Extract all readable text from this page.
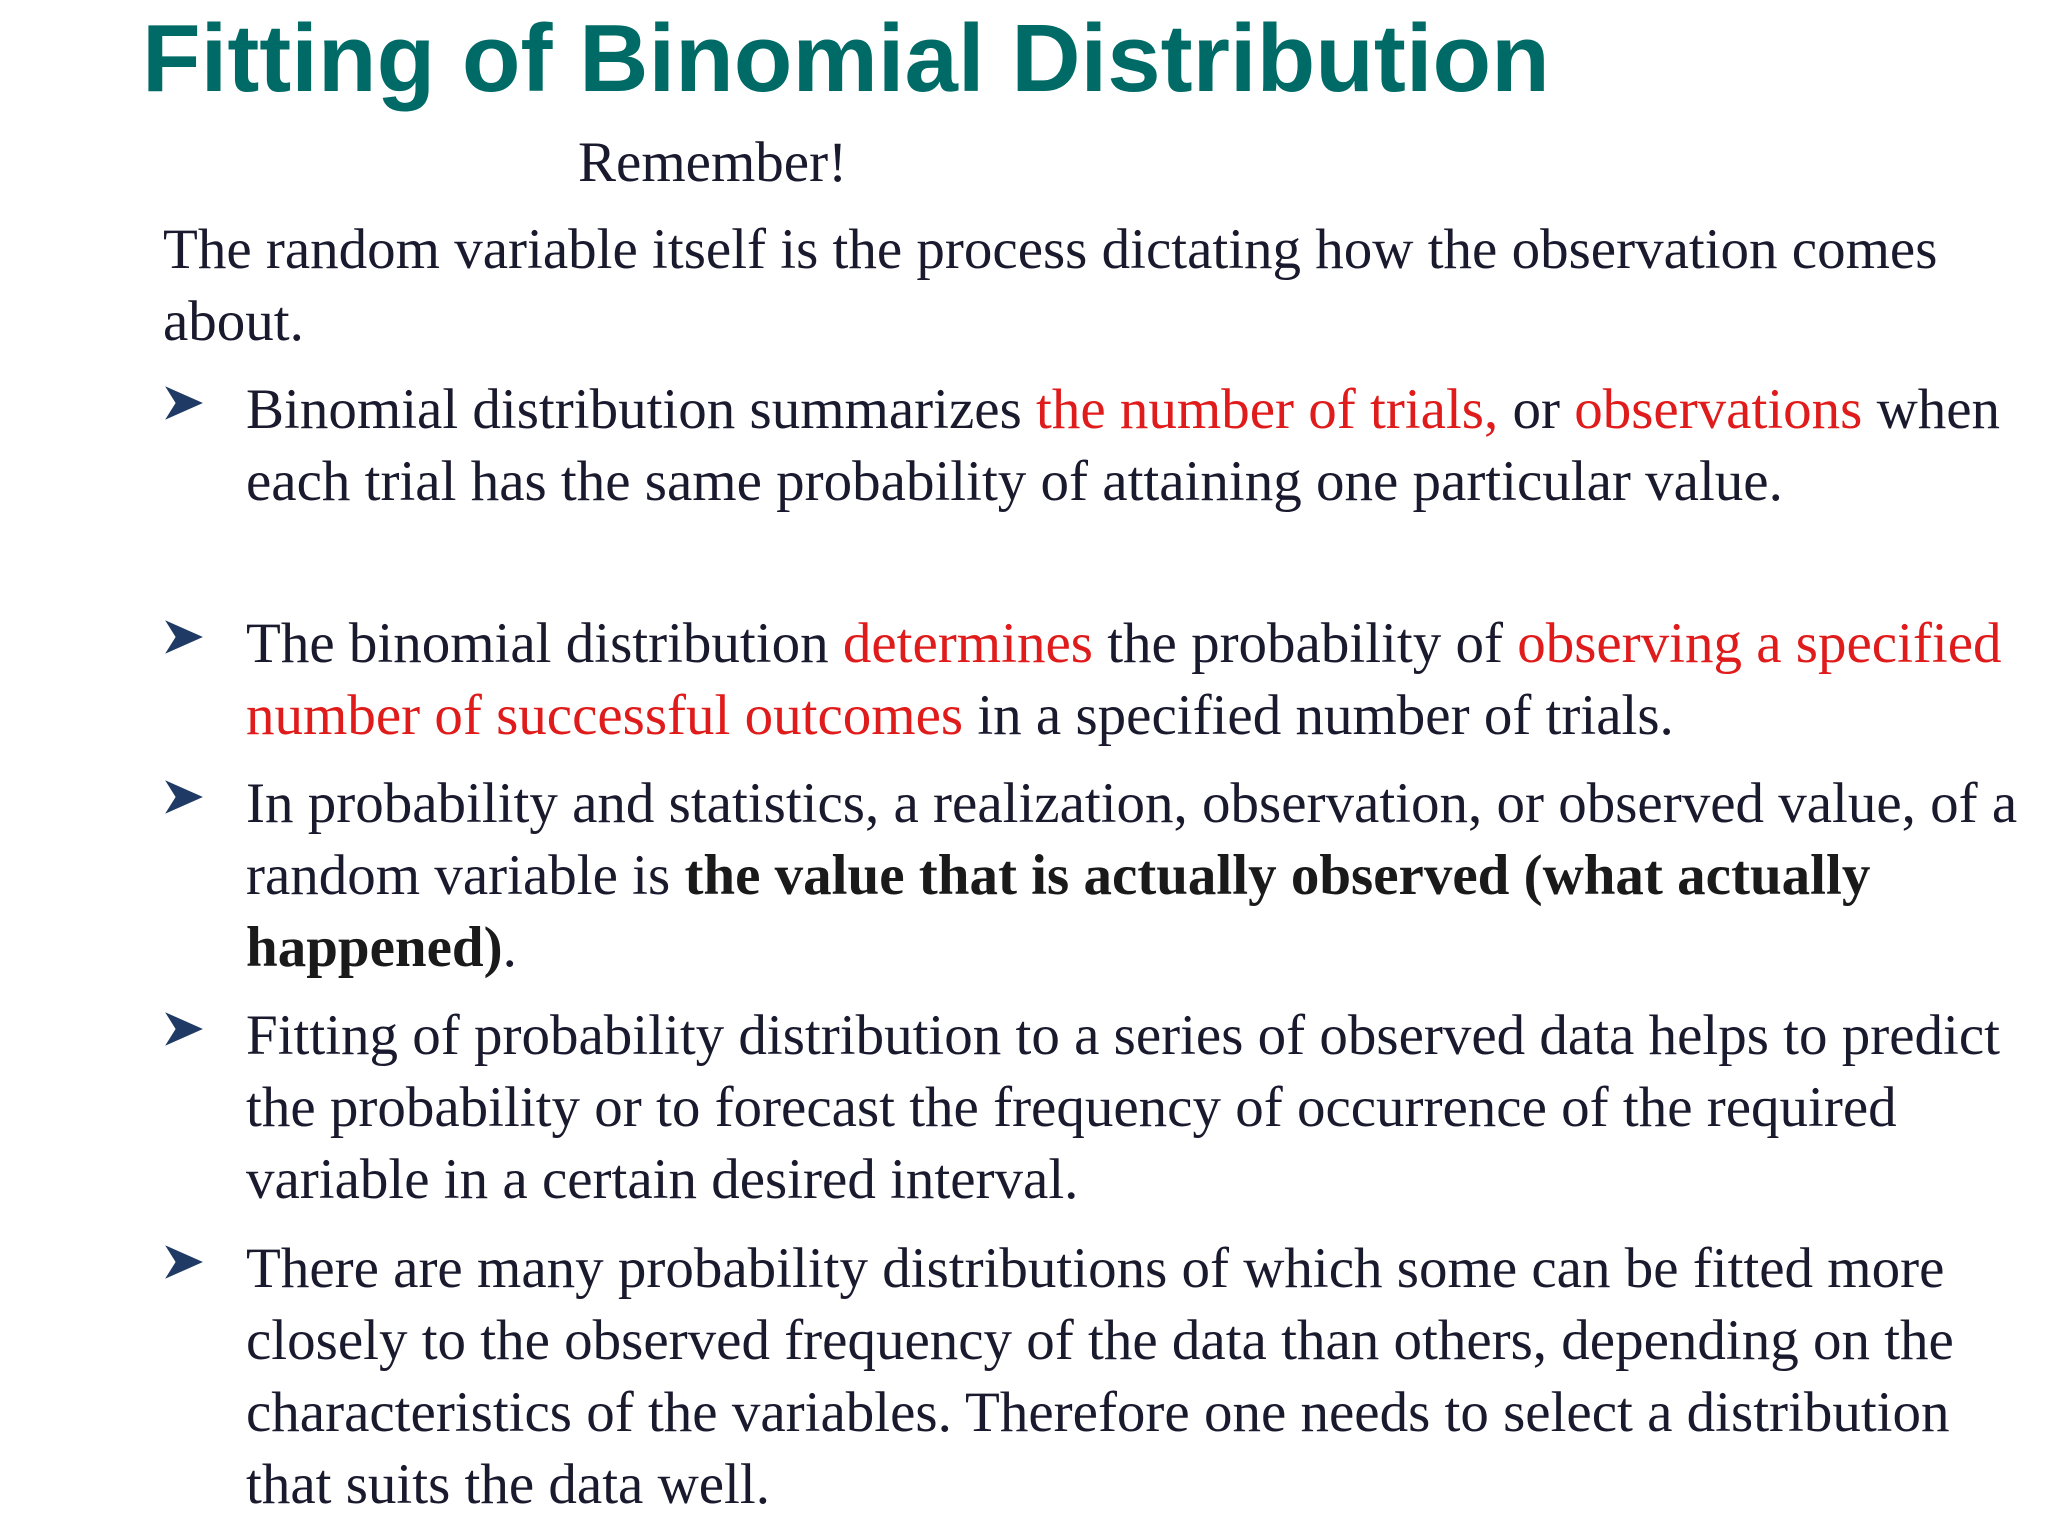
Fitting of Binomial Distribution

Remember!

The random variable itself is the process dictating how the observation comes about.

Binomial distribution summarizes the number of trials, or observations when each trial has the same probability of attaining one particular value.

The binomial distribution determines the probability of observing a specified number of successful outcomes in a specified number of trials.

In probability and statistics, a realization, observation, or observed value, of a random variable is the value that is actually observed (what actually happened).

Fitting of probability distribution to a series of observed data helps to predict the probability or to forecast the frequency of occurrence of the required variable in a certain desired interval.

There are many probability distributions of which some can be fitted more closely to the observed frequency of the data than others, depending on the characteristics of the variables. Therefore one needs to select a distribution that suits the data well.
